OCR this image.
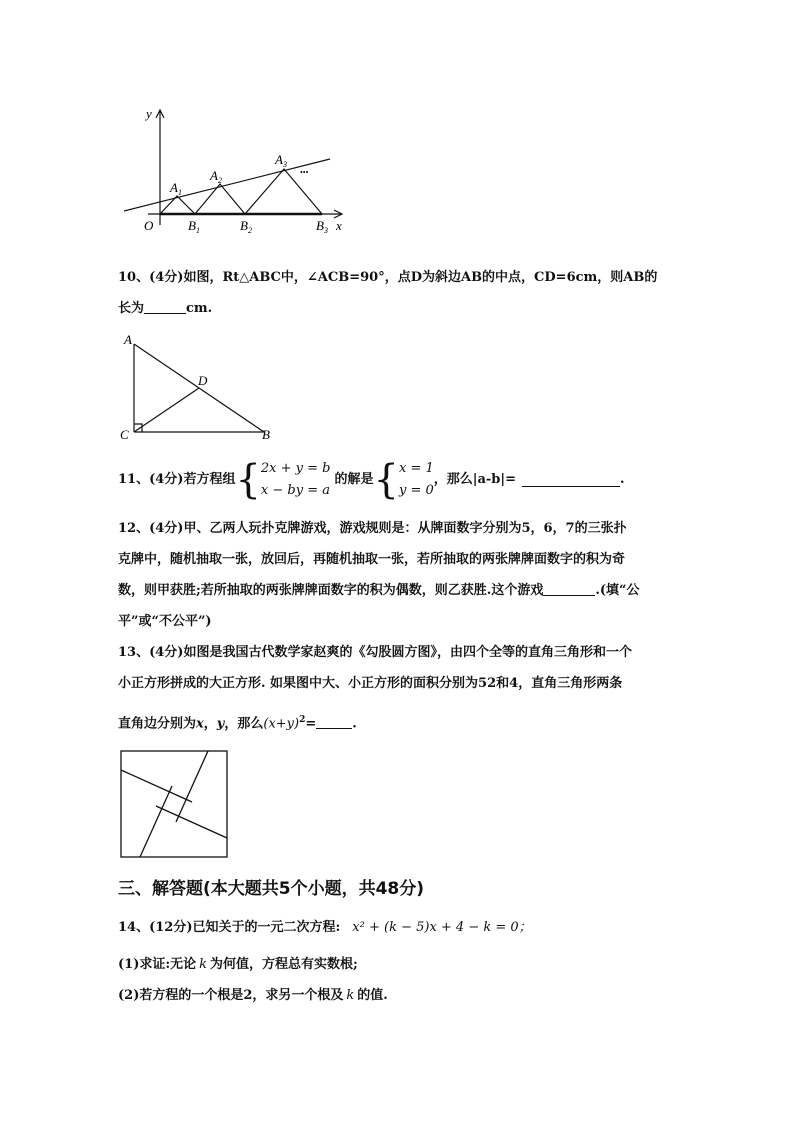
y
x
O
$A_1$
$A_2$
$A_3$
•••
$B_1$	$B_2$	$B_3$
10、(4分)如图，Rt△ABC中，∠ACB=90°，点D为斜边AB的中点，CD=6cm，则AB的
长为	cm.
A
B
C
D
11、(4分)若方程组{2x + y = b
x − by = a的解是{x = 1
y = 0，那么|a-b|=	.
12、(4分)甲、乙两人玩扑克牌游戏，游戏规则是：从牌面数字分别为5，6，7的三张扑
克牌中，随机抽取一张，放回后，再随机抽取一张，若所抽取的两张牌牌面数字的积为奇
数，则甲获胜;若所抽取的两张牌牌面数字的积为偶数，则乙获胜.这个游戏	.(填“公
平”或“不公平”)
13、(4分)如图是我国古代数学家赵爽的《勾股圆方图》，由四个全等的直角三角形和一个
小正方形拼成的大正方形. 如果图中大、小正方形的面积分别为52和4，直角三角形两条
直角边分别为x，y，那么$(x+y)^2=$	.
三、解答题(本大题共5个小题，共48分)
14、(12分)已知关于的一元二次方程: x² + (k − 5)x + 4 − k = 0；
(1)求证:无论 k 为何值，方程总有实数根;
(2)若方程的一个根是2，求另一个根及 k 的值.
